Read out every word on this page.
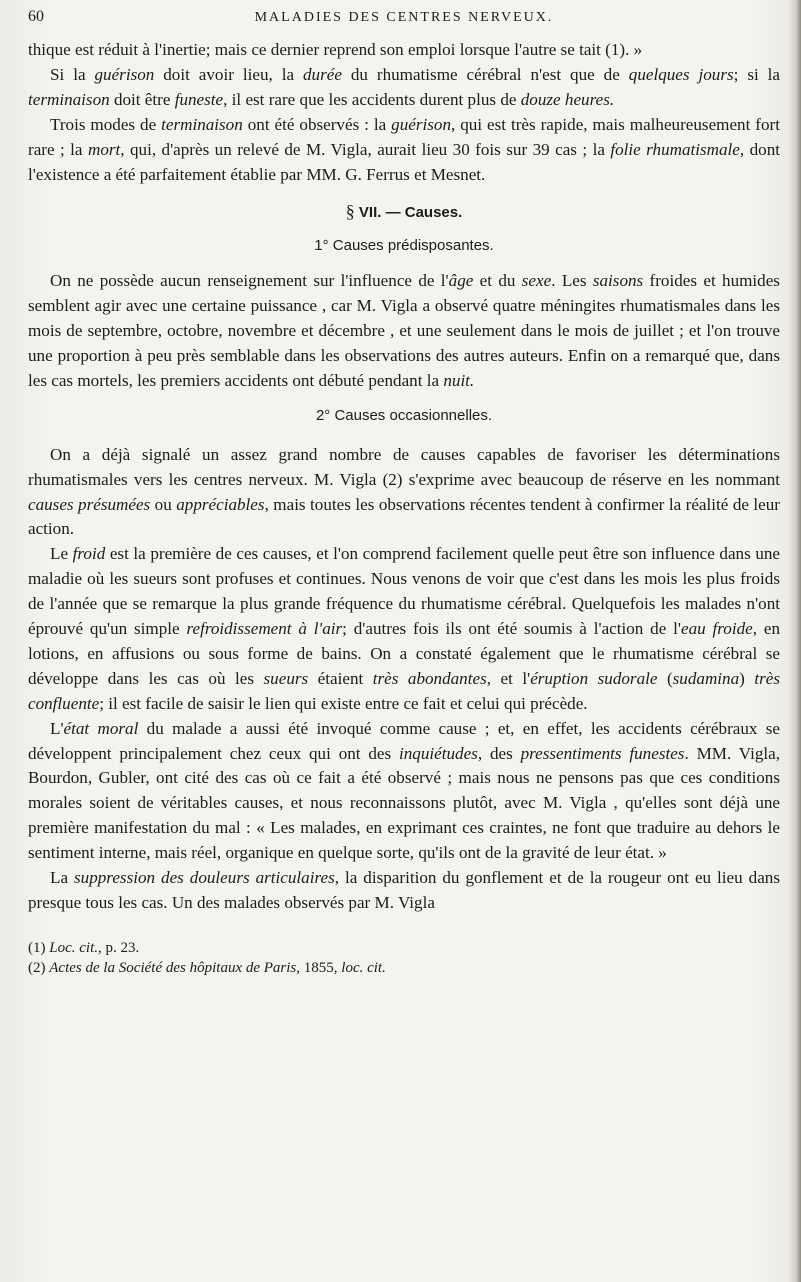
60	MALADIES DES CENTRES NERVEUX.

thique est réduit à l'inertie; mais ce dernier reprend son emploi lorsque l'autre se tait (1). »

Si la guérison doit avoir lieu, la durée du rhumatisme cérébral n'est que de quelques jours; si la terminaison doit être funeste, il est rare que les accidents durent plus de douze heures.

Trois modes de terminaison ont été observés : la guérison, qui est très rapide, mais malheureusement fort rare ; la mort, qui, d'après un relevé de M. Vigla, aurait lieu 30 fois sur 39 cas ; la folie rhumatismale, dont l'existence a été parfaitement établie par MM. G. Ferrus et Mesnet.

§ VII. — Causes.
1° Causes prédisposantes.

On ne possède aucun renseignement sur l'influence de l'âge et du sexe. Les saisons froides et humides semblent agir avec une certaine puissance , car M. Vigla a observé quatre méningites rhumatismales dans les mois de septembre, octobre, novembre et décembre , et une seulement dans le mois de juillet ; et l'on trouve une proportion à peu près semblable dans les observations des autres auteurs. Enfin on a remarqué que, dans les cas mortels, les premiers accidents ont débuté pendant la nuit.

2° Causes occasionnelles.

On a déjà signalé un assez grand nombre de causes capables de favoriser les déterminations rhumatismales vers les centres nerveux. M. Vigla (2) s'exprime avec beaucoup de réserve en les nommant causes présumées ou appréciables, mais toutes les observations récentes tendent à confirmer la réalité de leur action.

Le froid est la première de ces causes, et l'on comprend facilement quelle peut être son influence dans une maladie où les sueurs sont profuses et continues. Nous venons de voir que c'est dans les mois les plus froids de l'année que se remarque la plus grande fréquence du rhumatisme cérébral. Quelquefois les malades n'ont éprouvé qu'un simple refroidissement à l'air; d'autres fois ils ont été soumis à l'action de l'eau froide, en lotions, en affusions ou sous forme de bains. On a constaté également que le rhumatisme cérébral se développe dans les cas où les sueurs étaient très abondantes, et l'éruption sudorale (sudamina) très confluente; il est facile de saisir le lien qui existe entre ce fait et celui qui précède.

L'état moral du malade a aussi été invoqué comme cause ; et, en effet, les accidents cérébraux se développent principalement chez ceux qui ont des inquiétudes, des pressentiments funestes. MM. Vigla, Bourdon, Gubler, ont cité des cas où ce fait a été observé ; mais nous ne pensons pas que ces conditions morales soient de véritables causes, et nous reconnaissons plutôt, avec M. Vigla , qu'elles sont déjà une première manifestation du mal : « Les malades, en exprimant ces craintes, ne font que traduire au dehors le sentiment interne, mais réel, organique en quelque sorte, qu'ils ont de la gravité de leur état. »

La suppression des douleurs articulaires, la disparition du gonflement et de la rougeur ont eu lieu dans presque tous les cas. Un des malades observés par M. Vigla

(1) Loc. cit., p. 23.
(2) Actes de la Société des hôpitaux de Paris, 1855, loc. cit.
